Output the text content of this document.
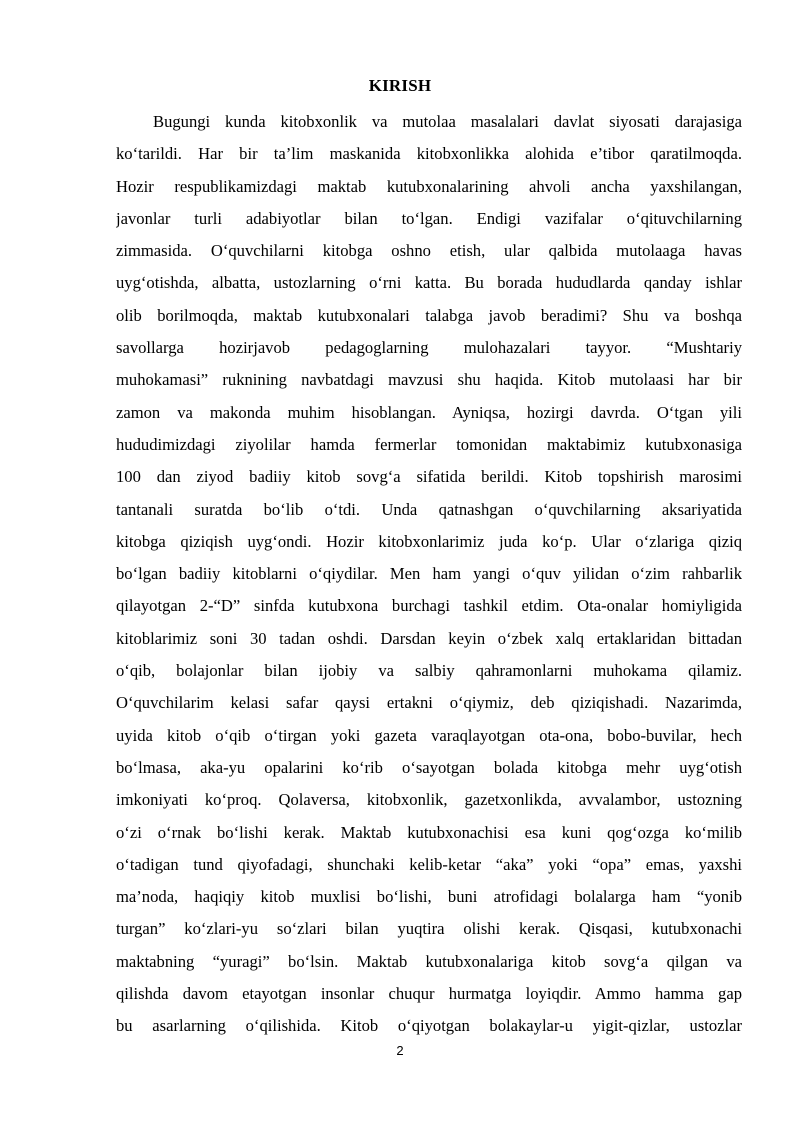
KIRISH
Bugungi kunda kitobxonlik va mutolaa masalalari davlat siyosati darajasiga
ko‘tarildi. Har bir ta’lim maskanida kitobxonlikka alohida e’tibor qaratilmoqda.
Hozir respublikamizdagi maktab kutubxonalarining ahvoli ancha yaxshilangan,
javonlar turli adabiyotlar bilan to‘lgan. Endigi vazifalar o‘qituvchilarning
zimmasida. O‘quvchilarni kitobga oshno etish, ular qalbida mutolaaga havas
uyg‘otishda, albatta, ustozlarning o‘rni katta. Bu borada hududlarda qanday ishlar
olib borilmoqda, maktab kutubxonalari talabga javob beradimi? Shu va boshqa
savollarga hozirjavob pedagoglarning mulohazalari tayyor. “Mushtariy
muhokamasi” ruknining navbatdagi mavzusi shu haqida. Kitob mutolaasi har bir
zamon va makonda muhim hisoblangan. Ayniqsa, hozirgi davrda. O‘tgan yili
hududimizdagi ziyolilar hamda fermerlar tomonidan maktabimiz kutubxonasiga
100 dan ziyod badiiy kitob sovg‘a sifatida berildi. Kitob topshirish marosimi
tantanali suratda bo‘lib o‘tdi. Unda qatnashgan o‘quvchilarning aksariyatida
kitobga qiziqish uyg‘ondi. Hozir kitobxonlarimiz juda ko‘p. Ular o‘zlariga qiziq
bo‘lgan badiiy kitoblarni o‘qiydilar. Men ham yangi o‘quv yilidan o‘zim rahbarlik
qilayotgan 2-“D” sinfda kutubxona burchagi tashkil etdim. Ota-onalar homiyligida
kitoblarimiz soni 30 tadan oshdi. Darsdan keyin o‘zbek xalq ertaklaridan bittadan
o‘qib, bolajonlar bilan ijobiy va salbiy qahramonlarni muhokama qilamiz.
O‘quvchilarim kelasi safar qaysi ertakni o‘qiymiz, deb qiziqishadi. Nazarimda,
uyida kitob o‘qib o‘tirgan yoki gazeta varaqlayotgan ota-ona, bobo-buvilar, hech
bo‘lmasa, aka-yu opalarini ko‘rib o‘sayotgan bolada kitobga mehr uyg‘otish
imkoniyati ko‘proq. Qolaversa, kitobxonlik, gazetxonlikda, avvalambor, ustozning
o‘zi o‘rnak bo‘lishi kerak. Maktab kutubxonachisi esa kuni qog‘ozga ko‘milib
o‘tadigan tund qiyofadagi, shunchaki kelib-ketar “aka” yoki “opa” emas, yaxshi
ma’noda, haqiqiy kitob muxlisi bo‘lishi, buni atrofidagi bolalarga ham “yonib
turgan” ko‘zlari-yu so‘zlari bilan yuqtira olishi kerak. Qisqasi, kutubxonachi
maktabning “yuragi” bo‘lsin. Maktab kutubxonalariga kitob sovg‘a qilgan va
qilishda davom etayotgan insonlar chuqur hurmatga loyiqdir. Ammo hamma gap
bu asarlarning o‘qilishida. Kitob o‘qiyotgan bolakaylar-u yigit-qizlar, ustozlar
2
